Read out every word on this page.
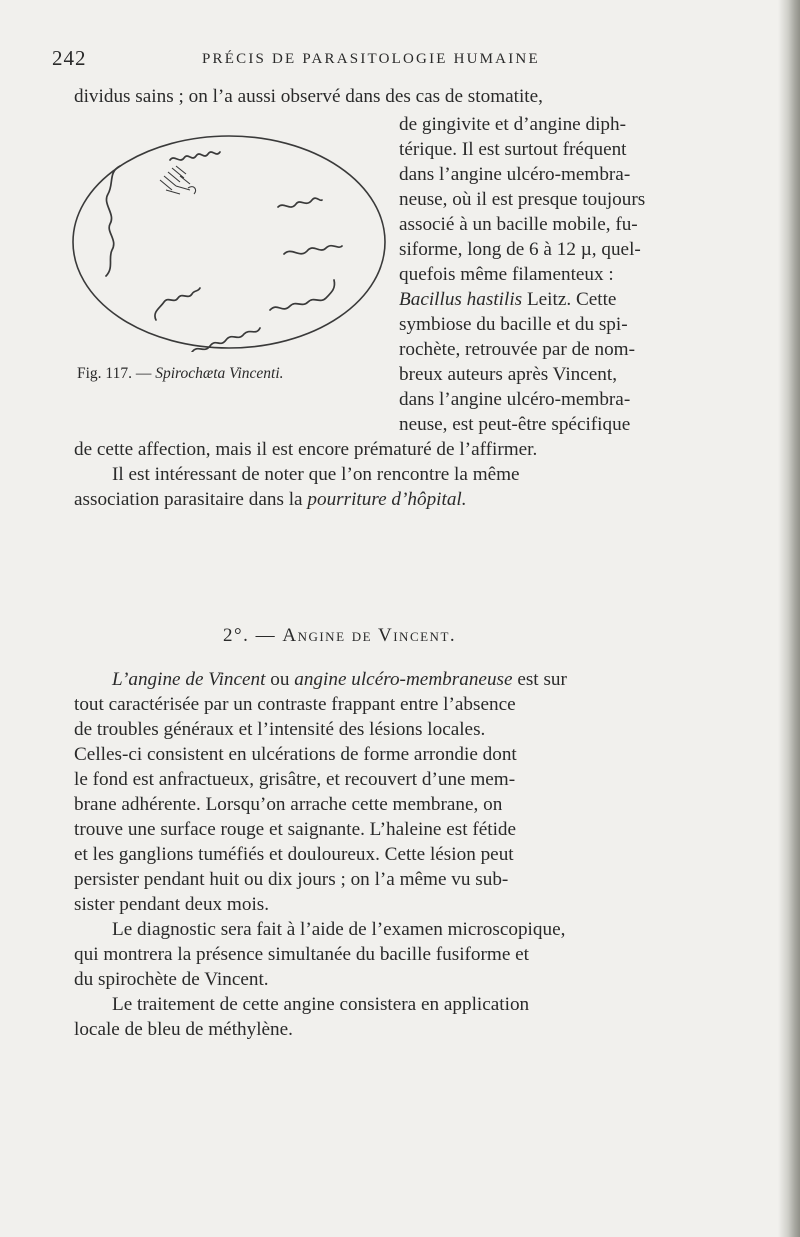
242	PRÉCIS DE PARASITOLOGIE HUMAINE
dividus sains ; on l’a aussi observé dans des cas de stomatite,
de gingivite et d’angine diph-
térique. Il est surtout fréquent
dans l’angine ulcéro-membra-
neuse, où il est presque toujours
associé à un bacille mobile, fu-
siforme, long de 6 à 12 µ, quel-
quefois même filamenteux :
Bacillus hastilis Leitz. Cette
symbiose du bacille et du spi-
rochète, retrouvée par de nom-
breux auteurs après Vincent,
dans l’angine ulcéro-membra-
neuse, est peut-être spécifique
de cette affection, mais il est encore prématuré de l’affirmer.
Il est intéressant de noter que l’on rencontre la même
association parasitaire dans la pourriture d’hôpital.
Fig. 117. — Spirochæta Vincenti.
2°. — Angine de Vincent.
L’angine de Vincent ou angine ulcéro-membraneuse est sur
tout caractérisée par un contraste frappant entre l’absence
de troubles généraux et l’intensité des lésions locales.
Celles-ci consistent en ulcérations de forme arrondie dont
le fond est anfractueux, grisâtre, et recouvert d’une mem-
brane adhérente. Lorsqu’on arrache cette membrane, on
trouve une surface rouge et saignante. L’haleine est fétide
et les ganglions tuméfiés et douloureux. Cette lésion peut
persister pendant huit ou dix jours ; on l’a même vu sub-
sister pendant deux mois.
Le diagnostic sera fait à l’aide de l’examen microscopique,
qui montrera la présence simultanée du bacille fusiforme et
du spirochète de Vincent.
Le traitement de cette angine consistera en application
locale de bleu de méthylène.
